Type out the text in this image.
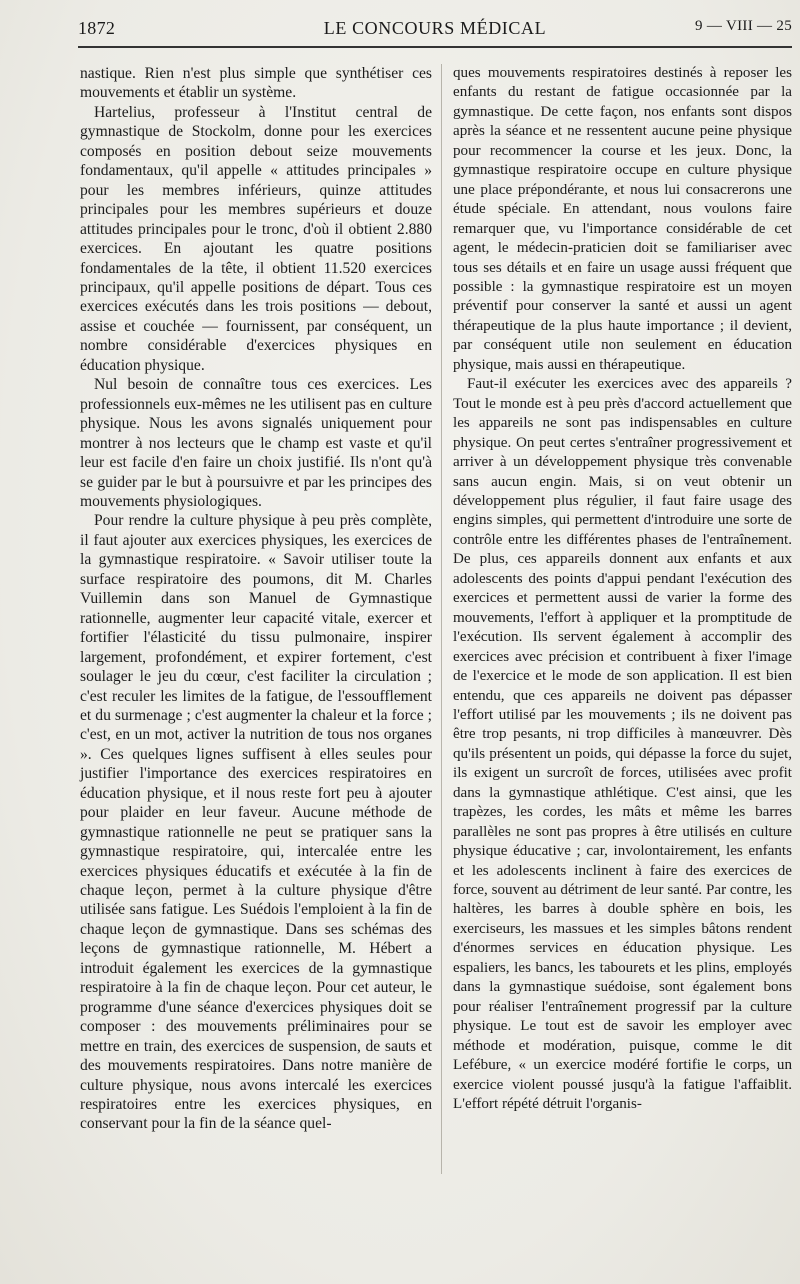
1872	LE CONCOURS MÉDICAL	9 — VIII — 25

nastique. Rien n'est plus simple que synthétiser ces mouvements et établir un système.

Hartelius, professeur à l'Institut central de gymnastique de Stockolm, donne pour les exercices composés en position debout seize mouvements fondamentaux, qu'il appelle « attitudes principales » pour les membres inférieurs, quinze attitudes principales pour les membres supérieurs et douze attitudes principales pour le tronc, d'où il obtient 2.880 exercices. En ajoutant les quatre positions fondamentales de la tête, il obtient 11.520 exercices principaux, qu'il appelle positions de départ. Tous ces exercices exécutés dans les trois positions — debout, assise et couchée — fournissent, par conséquent, un nombre considérable d'exercices physiques en éducation physique.

Nul besoin de connaître tous ces exercices. Les professionnels eux-mêmes ne les utilisent pas en culture physique. Nous les avons signalés uniquement pour montrer à nos lecteurs que le champ est vaste et qu'il leur est facile d'en faire un choix justifié. Ils n'ont qu'à se guider par le but à poursuivre et par les principes des mouvements physiologiques.

Pour rendre la culture physique à peu près complète, il faut ajouter aux exercices physiques, les exercices de la gymnastique respiratoire. « Savoir utiliser toute la surface respiratoire des poumons, dit M. Charles Vuillemin dans son Manuel de Gymnastique rationnelle, augmenter leur capacité vitale, exercer et fortifier l'élasticité du tissu pulmonaire, inspirer largement, profondément, et expirer fortement, c'est soulager le jeu du cœur, c'est faciliter la circulation ; c'est reculer les limites de la fatigue, de l'essoufflement et du surmenage ; c'est augmenter la chaleur et la force ; c'est, en un mot, activer la nutrition de tous nos organes ». Ces quelques lignes suffisent à elles seules pour justifier l'importance des exercices respiratoires en éducation physique, et il nous reste fort peu à ajouter pour plaider en leur faveur. Aucune méthode de gymnastique rationnelle ne peut se pratiquer sans la gymnastique respiratoire, qui, intercalée entre les exercices physiques éducatifs et exécutée à la fin de chaque leçon, permet à la culture physique d'être utilisée sans fatigue. Les Suédois l'emploient à la fin de chaque leçon de gymnastique. Dans ses schémas des leçons de gymnastique rationnelle, M. Hébert a introduit également les exercices de la gymnastique respiratoire à la fin de chaque leçon. Pour cet auteur, le programme d'une séance d'exercices physiques doit se composer : des mouvements préliminaires pour se mettre en train, des exercices de suspension, de sauts et des mouvements respiratoires. Dans notre manière de culture physique, nous avons intercalé les exercices respiratoires entre les exercices physiques, en conservant pour la fin de la séance quel-

ques mouvements respiratoires destinés à reposer les enfants du restant de fatigue occasionnée par la gymnastique. De cette façon, nos enfants sont dispos après la séance et ne ressentent aucune peine physique pour recommencer la course et les jeux. Donc, la gymnastique respiratoire occupe en culture physique une place prépondérante, et nous lui consacrerons une étude spéciale. En attendant, nous voulons faire remarquer que, vu l'importance considérable de cet agent, le médecin-praticien doit se familiariser avec tous ses détails et en faire un usage aussi fréquent que possible : la gymnastique respiratoire est un moyen préventif pour conserver la santé et aussi un agent thérapeutique de la plus haute importance ; il devient, par conséquent utile non seulement en éducation physique, mais aussi en thérapeutique.

Faut-il exécuter les exercices avec des appareils ? Tout le monde est à peu près d'accord actuellement que les appareils ne sont pas indispensables en culture physique. On peut certes s'entraîner progressivement et arriver à un développement physique très convenable sans aucun engin. Mais, si on veut obtenir un développement plus régulier, il faut faire usage des engins simples, qui permettent d'introduire une sorte de contrôle entre les différentes phases de l'entraînement. De plus, ces appareils donnent aux enfants et aux adolescents des points d'appui pendant l'exécution des exercices et permettent aussi de varier la forme des mouvements, l'effort à appliquer et la promptitude de l'exécution. Ils servent également à accomplir des exercices avec précision et contribuent à fixer l'image de l'exercice et le mode de son application. Il est bien entendu, que ces appareils ne doivent pas dépasser l'effort utilisé par les mouvements ; ils ne doivent pas être trop pesants, ni trop difficiles à manœuvrer. Dès qu'ils présentent un poids, qui dépasse la force du sujet, ils exigent un surcroît de forces, utilisées avec profit dans la gymnastique athlétique. C'est ainsi, que les trapèzes, les cordes, les mâts et même les barres parallèles ne sont pas propres à être utilisés en culture physique éducative ; car, involontairement, les enfants et les adolescents inclinent à faire des exercices de force, souvent au détriment de leur santé. Par contre, les haltères, les barres à double sphère en bois, les exerciseurs, les massues et les simples bâtons rendent d'énormes services en éducation physique. Les espaliers, les bancs, les tabourets et les plins, employés dans la gymnastique suédoise, sont également bons pour réaliser l'entraînement progressif par la culture physique. Le tout est de savoir les employer avec méthode et modération, puisque, comme le dit Lefébure, « un exercice modéré fortifie le corps, un exercice violent poussé jusqu'à la fatigue l'affaiblit. L'effort répété détruit l'organis-
